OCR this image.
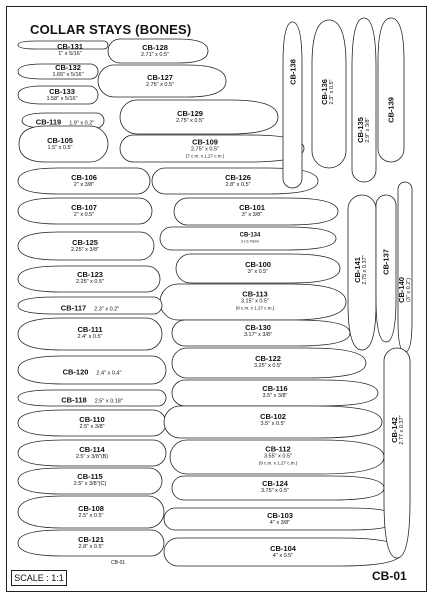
COLLAR STAYS (BONES)
CB-131
1" x 5/16"
CB-128
2.71" x 0.5"
CB-132
1.65" x 5/16"	CB-127
2.75" x 0.5"
CB-133
1.58" x 5/16"
CB-129
2.75" x 0.5"
CB-119 1.9" x 0.2"
CB-105
1.5" x 0.5"
CB-109
2.75" x 0.5"
(7 c.m. x 1.27 c.m.)
CB-106
2" x 3/8"
CB-126
2.8" x 0.5"
CB-107
2" x 0.5"
CB-101
3" x 3/8"
CB-134
3 x 6.70mm
CB-125
2.25" x 3/8"
CB-100
3" x 0.5"
CB-123
2.25" x 0.5"
CB-113
3.15" x 0.5"
(8 c.m. x 1.27 c.m.)
CB-117 2.3" x 0.2"
CB-111
2.4" x 0.5"
CB-130
3.17" x 3/8"
CB-122
3.25" x 0.5"
CB-120 2.4" x 0.4"
CB-116
3.5" x 3/8"
CB-118 2.5" x 0.18"
CB-110
2.5" x 3/8"
CB-102
3.5" x 0.5"
CB-114
2.5" x 3/8"(B)
CB-112
3.55" x 0.5"
(9 c.m. x 1.27 c.m.)
CB-115
2.5" x 3/8"(C)	CB-124
3.75" x 0.5"
CB-108
2.5" x 0.5"	CB-103
4" x 3/8"
CB-121
2.8" x 0.5"	CB-104
4" x 0.5"
CB-138
CB-136 2.3" x 0.5"
CB-135 2.9" x 3/8"
CB-139
CB-141 2.75 x 0.37" CB-137
CB-140 (3" x 0.2")
CB-142 2.77 x 0.37"
SCALE : 1:1
CB-01
CB-01
